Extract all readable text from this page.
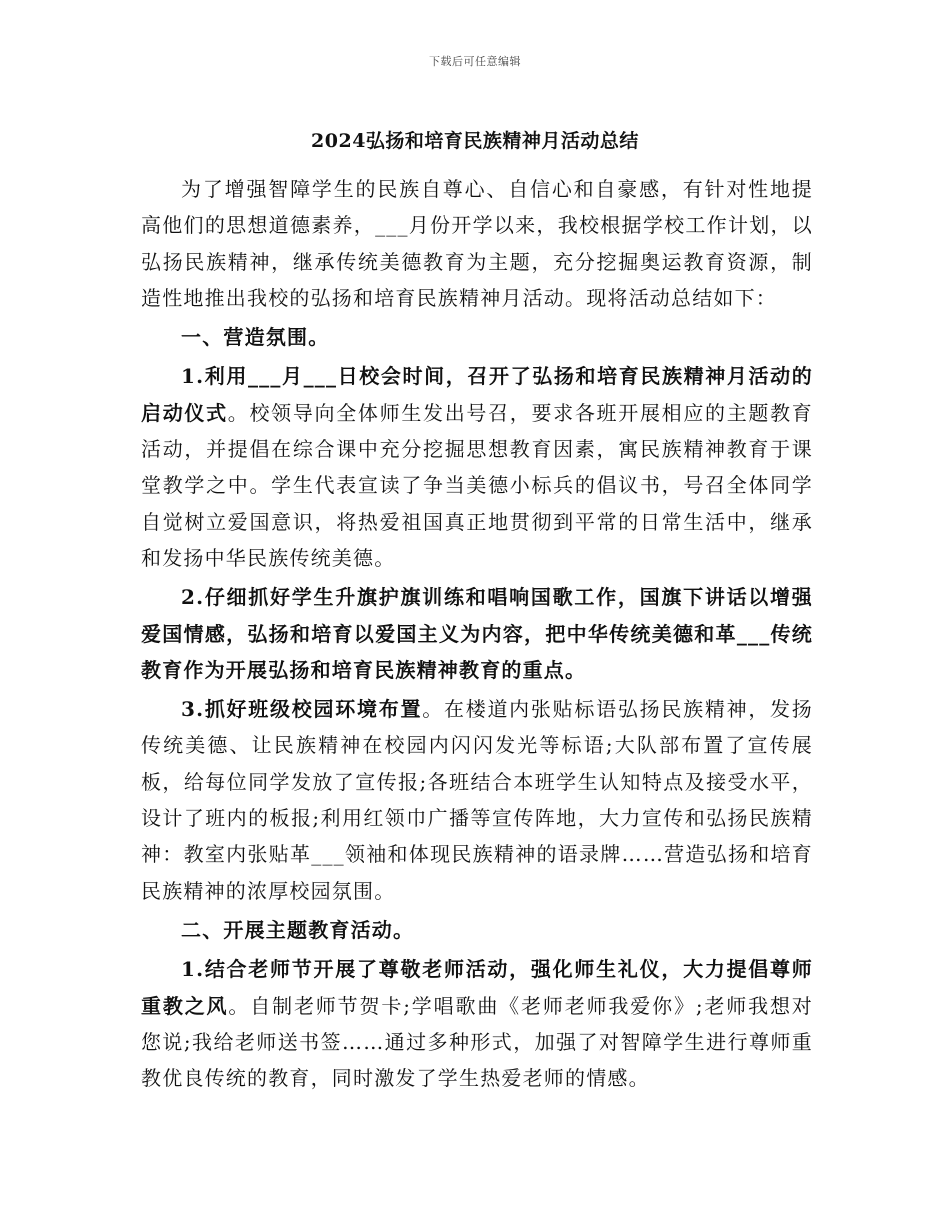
下载后可任意编辑
2024弘扬和培育民族精神月活动总结

为了增强智障学生的民族自尊心、自信心和自豪感，有针对性地提高他们的思想道德素养，___月份开学以来，我校根据学校工作计划，以弘扬民族精神，继承传统美德教育为主题，充分挖掘奥运教育资源，制造性地推出我校的弘扬和培育民族精神月活动。现将活动总结如下：

一、营造氛围。

1.利用___月___日校会时间，召开了弘扬和培育民族精神月活动的启动仪式。校领导向全体师生发出号召，要求各班开展相应的主题教育活动，并提倡在综合课中充分挖掘思想教育因素，寓民族精神教育于课堂教学之中。学生代表宣读了争当美德小标兵的倡议书，号召全体同学自觉树立爱国意识，将热爱祖国真正地贯彻到平常的日常生活中，继承和发扬中华民族传统美德。

2.仔细抓好学生升旗护旗训练和唱响国歌工作，国旗下讲话以增强爱国情感，弘扬和培育以爱国主义为内容，把中华传统美德和革___传统教育作为开展弘扬和培育民族精神教育的重点。

3.抓好班级校园环境布置。在楼道内张贴标语弘扬民族精神，发扬传统美德、让民族精神在校园内闪闪发光等标语;大队部布置了宣传展板，给每位同学发放了宣传报;各班结合本班学生认知特点及接受水平，设计了班内的板报;利用红领巾广播等宣传阵地，大力宣传和弘扬民族精神：教室内张贴革___领袖和体现民族精神的语录牌……营造弘扬和培育民族精神的浓厚校园氛围。

二、开展主题教育活动。

1.结合老师节开展了尊敬老师活动，强化师生礼仪，大力提倡尊师重教之风。自制老师节贺卡;学唱歌曲《老师老师我爱你》;老师我想对您说;我给老师送书签……通过多种形式，加强了对智障学生进行尊师重教优良传统的教育，同时激发了学生热爱老师的情感。
